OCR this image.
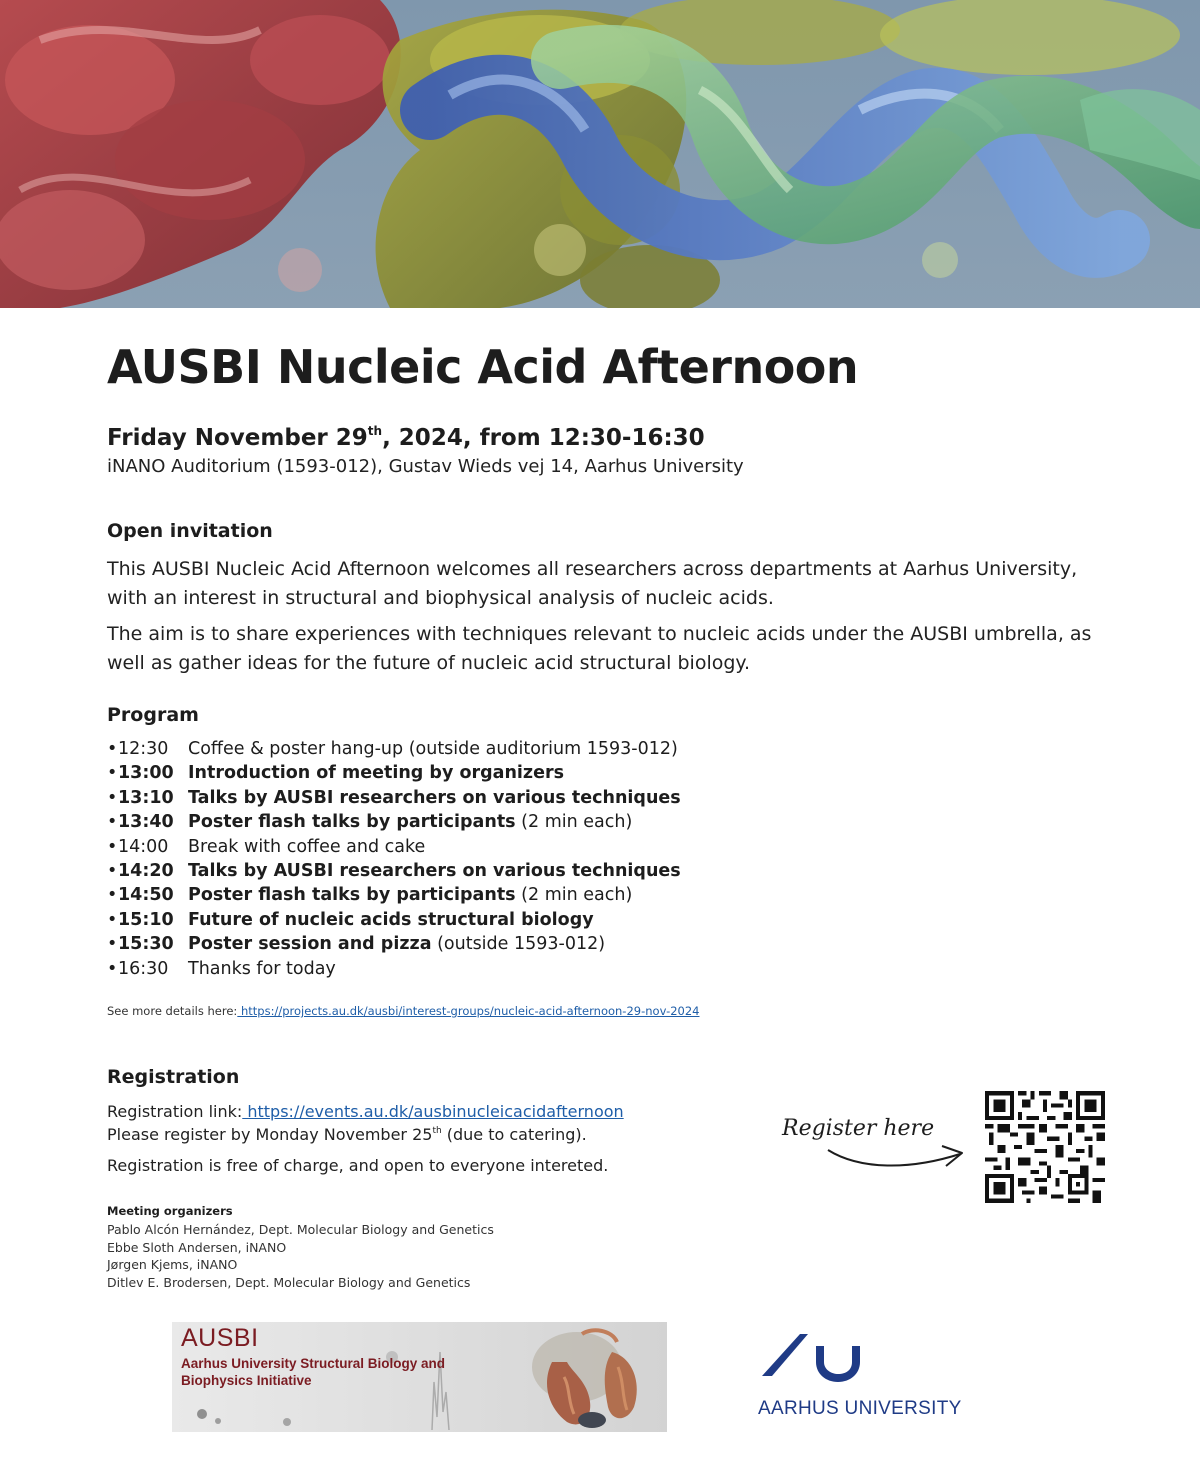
AUSBI Nucleic Acid Afternoon

Friday November 29th, 2024, from 12:30-16:30

iNANO Auditorium (1593-012), Gustav Wieds vej 14, Aarhus University

Open invitation

This AUSBI Nucleic Acid Afternoon welcomes all researchers across departments at Aarhus University, with an interest in structural and biophysical analysis of nucleic acids.

The aim is to share experiences with techniques relevant to nucleic acids under the AUSBI umbrella, as well as gather ideas for the future of nucleic acid structural biology.

Program

•12:30 Coffee & poster hang-up (outside auditorium 1593-012)
•13:00 Introduction of meeting by organizers
•13:10 Talks by AUSBI researchers on various techniques
•13:40 Poster flash talks by participants (2 min each)
•14:00 Break with coffee and cake
•14:20 Talks by AUSBI researchers on various techniques
•14:50 Poster flash talks by participants (2 min each)
•15:10 Future of nucleic acids structural biology
•15:30 Poster session and pizza (outside 1593-012)
•16:30 Thanks for today

See more details here: https://projects.au.dk/ausbi/interest-groups/nucleic-acid-afternoon-29-nov-2024

Registration

Registration link: https://events.au.dk/ausbinucleicacidafternoon

Please register by Monday November 25th (due to catering).

Registration is free of charge, and open to everyone intereted.

Meeting organizers

Pablo Alcón Hernández, Dept. Molecular Biology and Genetics
Ebbe Sloth Andersen, iNANO
Jørgen Kjems, iNANO
Ditlev E. Brodersen, Dept. Molecular Biology and Genetics

Register here

AUSBI

Aarhus University Structural Biology and Biophysics Initiative

AARHUS UNIVERSITY
